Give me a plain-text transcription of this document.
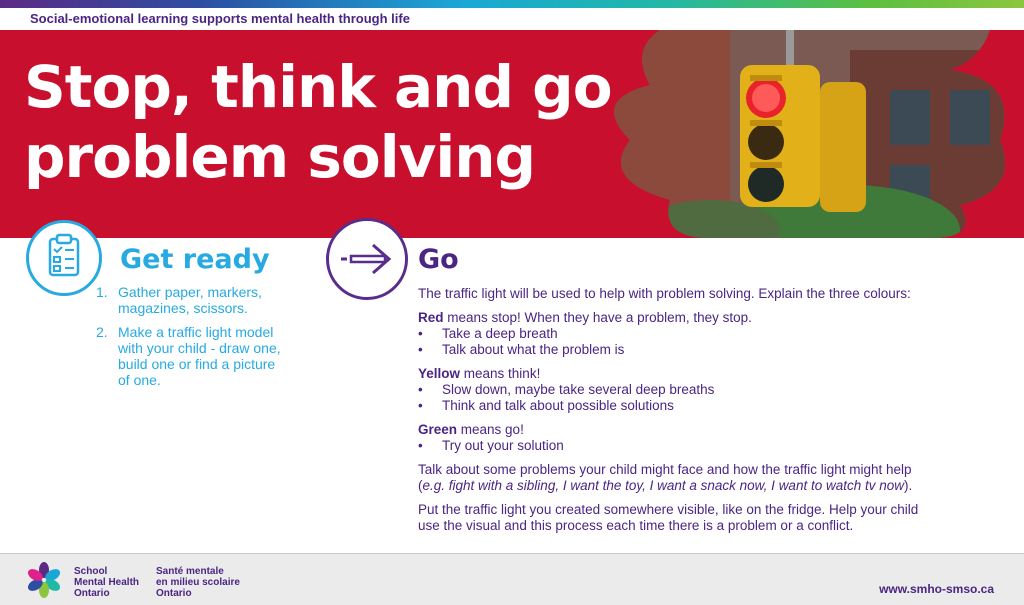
Social-emotional learning supports mental health through life
Stop, think and go
problem solving
Get ready
1. Gather paper, markers,
magazines, scissors.
2. Make a traffic light model
with your child - draw one,
build one or find a picture
of one.
Go

The traffic light will be used to help with problem solving. Explain the three colours:

Red means stop! When they have a problem, they stop.
•	Take a deep breath
•	Talk about what the problem is
Yellow means think!
•	Slow down, maybe take several deep breaths
•	Think and talk about possible solutions
Green means go!
•	Try out your solution

Talk about some problems your child might face and how the traffic light might help
(e.g. fight with a sibling, I want the toy, I want a snack now, I want to watch tv now).

Put the traffic light you created somewhere visible, like on the fridge. Help your child
use the visual and this process each time there is a problem or a conflict.

School
Mental Health
Ontario
Santé mentale
en milieu scolaire
Ontario	www.smho-smso.ca
